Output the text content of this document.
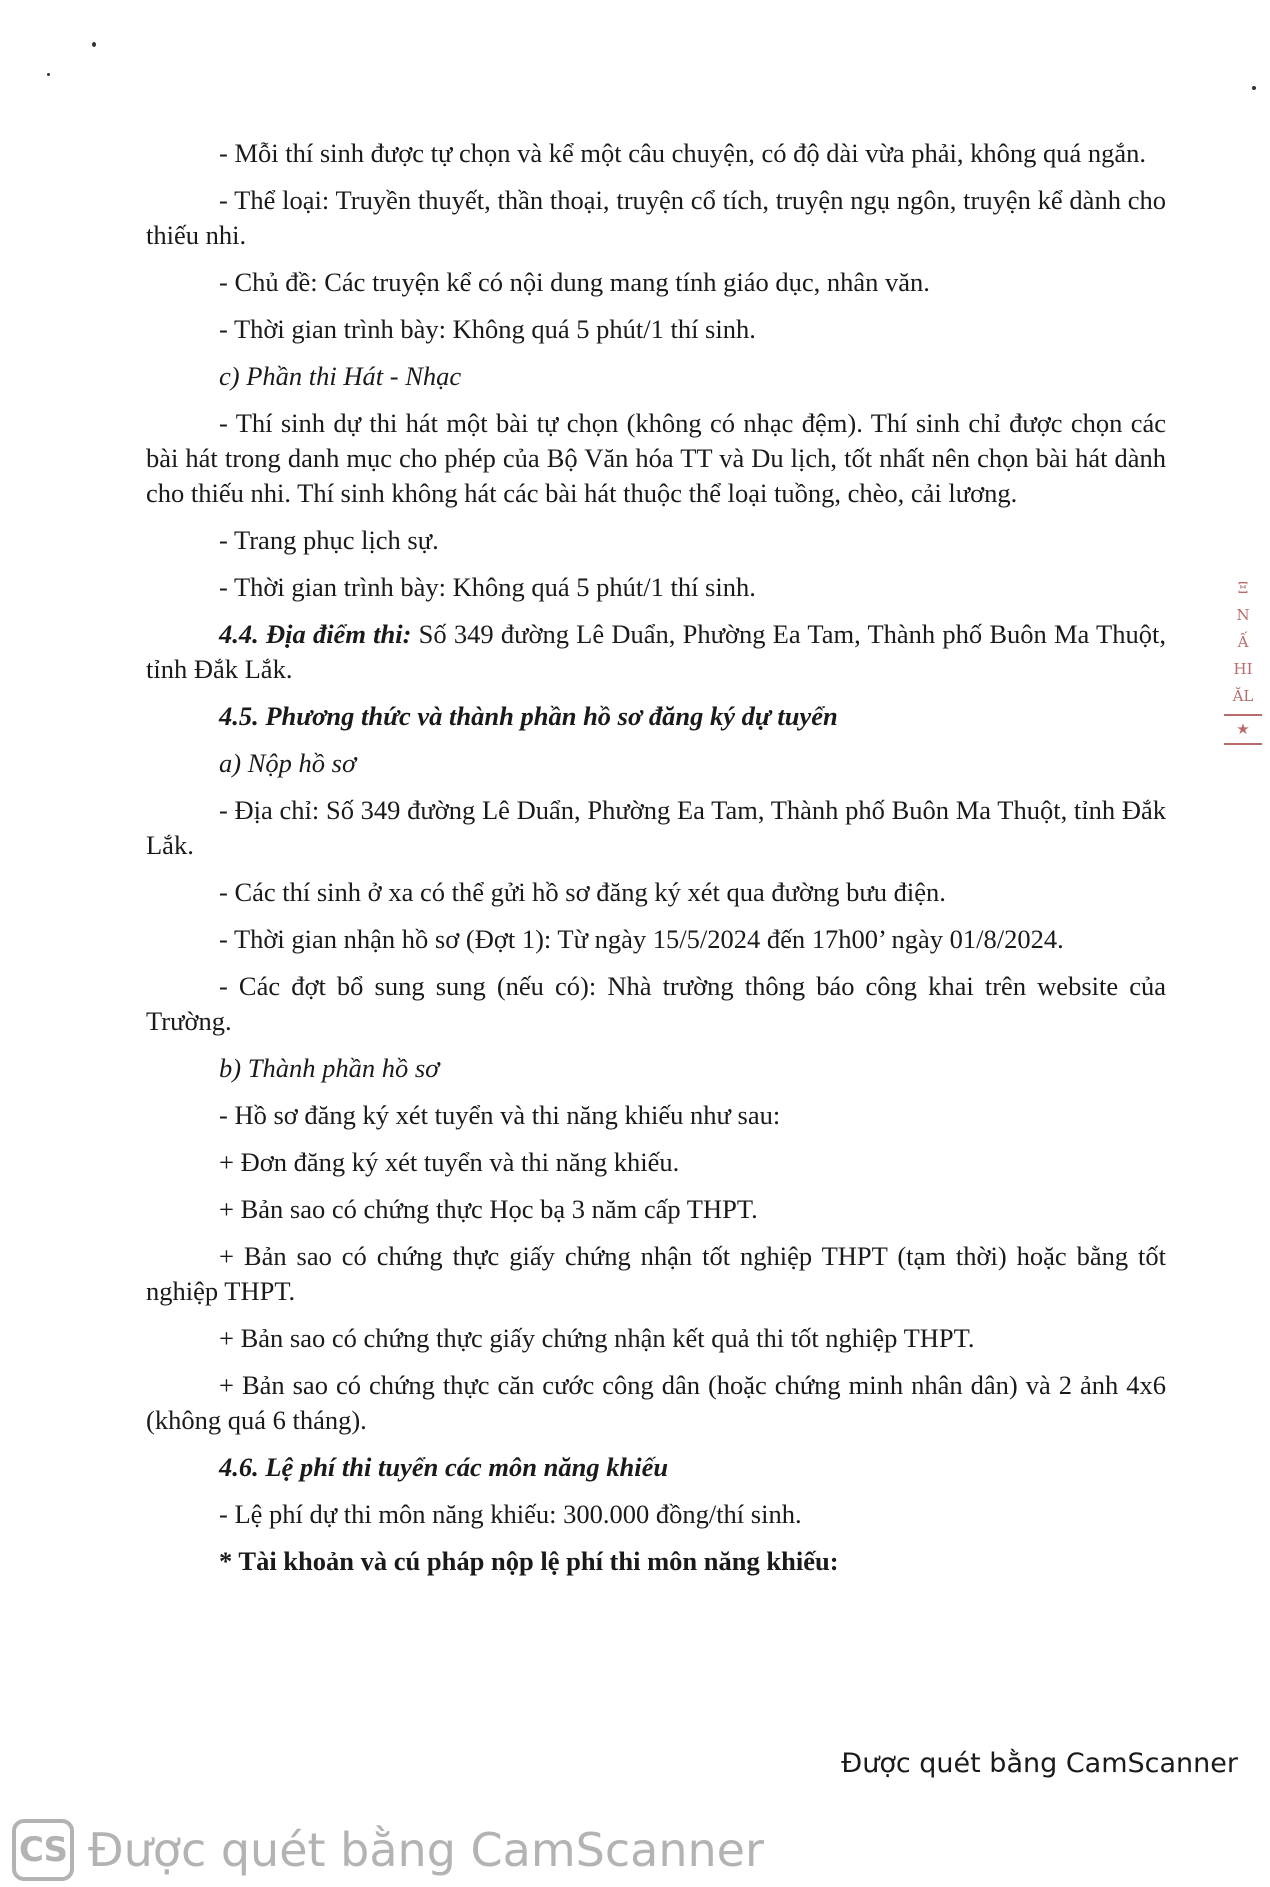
- Mỗi thí sinh được tự chọn và kể một câu chuyện, có độ dài vừa phải, không quá ngắn.

- Thể loại: Truyền thuyết, thần thoại, truyện cổ tích, truyện ngụ ngôn, truyện kể dành cho thiếu nhi.

- Chủ đề: Các truyện kể có nội dung mang tính giáo dục, nhân văn.

- Thời gian trình bày: Không quá 5 phút/1 thí sinh.

c) Phần thi Hát - Nhạc

- Thí sinh dự thi hát một bài tự chọn (không có nhạc đệm). Thí sinh chỉ được chọn các bài hát trong danh mục cho phép của Bộ Văn hóa TT và Du lịch, tốt nhất nên chọn bài hát dành cho thiếu nhi. Thí sinh không hát các bài hát thuộc thể loại tuồng, chèo, cải lương.

- Trang phục lịch sự.

- Thời gian trình bày: Không quá 5 phút/1 thí sinh.

4.4. Địa điểm thi: Số 349 đường Lê Duẩn, Phường Ea Tam, Thành phố Buôn Ma Thuột, tỉnh Đắk Lắk.

4.5. Phương thức và thành phần hồ sơ đăng ký dự tuyển

a) Nộp hồ sơ

- Địa chỉ: Số 349 đường Lê Duẩn, Phường Ea Tam, Thành phố Buôn Ma Thuột, tỉnh Đắk Lắk.

- Các thí sinh ở xa có thể gửi hồ sơ đăng ký xét qua đường bưu điện.

- Thời gian nhận hồ sơ (Đợt 1): Từ ngày 15/5/2024 đến 17h00’ ngày 01/8/2024.

- Các đợt bổ sung sung (nếu có): Nhà trường thông báo công khai trên website của Trường.

b) Thành phần hồ sơ

- Hồ sơ đăng ký xét tuyển và thi năng khiếu như sau:

+ Đơn đăng ký xét tuyển và thi năng khiếu.

+ Bản sao có chứng thực Học bạ 3 năm cấp THPT.

+ Bản sao có chứng thực giấy chứng nhận tốt nghiệp THPT (tạm thời) hoặc bằng tốt nghiệp THPT.

+ Bản sao có chứng thực giấy chứng nhận kết quả thi tốt nghiệp THPT.

+ Bản sao có chứng thực căn cước công dân (hoặc chứng minh nhân dân) và 2 ảnh 4x6 (không quá 6 tháng).

4.6. Lệ phí thi tuyển các môn năng khiếu

- Lệ phí dự thi môn năng khiếu: 300.000 đồng/thí sinh.

* Tài khoản và cú pháp nộp lệ phí thi môn năng khiếu:

Ξ
N
Ấ
HI
ĂL
★
Được quét bằng CamScanner
CS Được quét bằng CamScanner
